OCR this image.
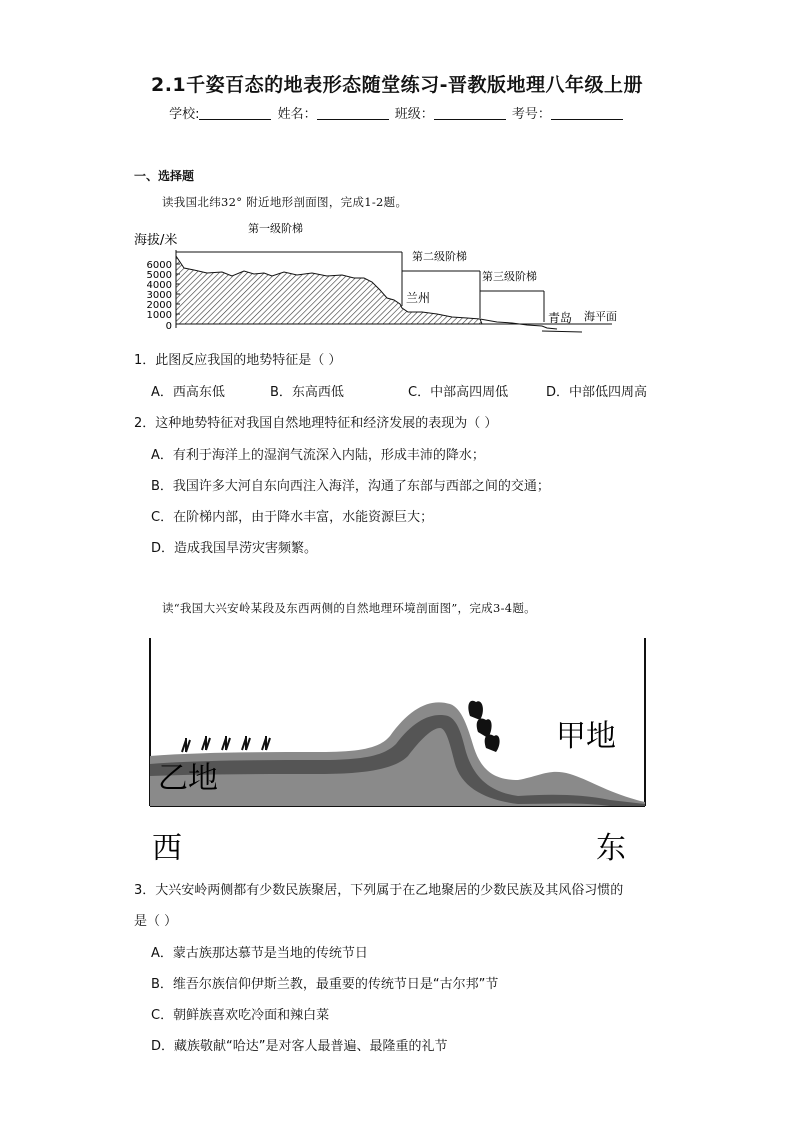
2.1千姿百态的地表形态随堂练习-晋教版地理八年级上册
学校:	姓名：	班级：	考号：
一、选择题
读我国北纬32° 附近地形剖面图，完成1-2题。
海拔/米
6000
5000
4000
3000
2000
1000
0
第一级阶梯
第二级阶梯
第三级阶梯
兰州
青岛 海平面
1．此图反应我国的地势特征是（ ）
A．西高东低	B．东高西低	C．中部高四周低	D．中部低四周高
2．这种地势特征对我国自然地理特征和经济发展的表现为（ ）
A．有利于海洋上的湿润气流深入内陆，形成丰沛的降水；
B．我国许多大河自东向西注入海洋，沟通了东部与西部之间的交通；
C．在阶梯内部，由于降水丰富，水能资源巨大；
D．造成我国旱涝灾害频繁。
读“我国大兴安岭某段及东西两侧的自然地理环境剖面图”，完成3-4题。
甲地
乙地
西	东
3．大兴安岭两侧都有少数民族聚居，下列属于在乙地聚居的少数民族及其风俗习惯的
是（ ）
A．蒙古族那达慕节是当地的传统节日
B．维吾尔族信仰伊斯兰教，最重要的传统节日是“古尔邦”节
C．朝鲜族喜欢吃冷面和辣白菜
D．藏族敬献“哈达”是对客人最普遍、最隆重的礼节
